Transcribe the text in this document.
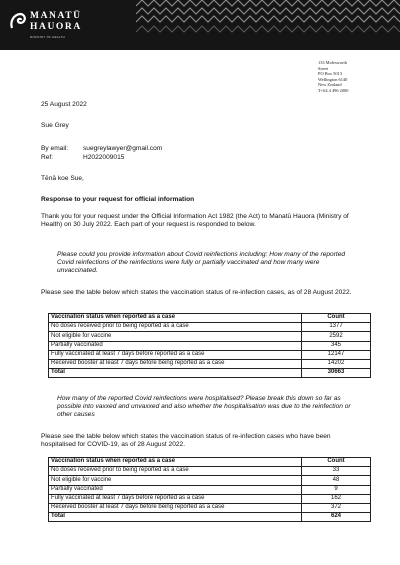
MANATŪ
HAUORA
MINISTRY OF HEALTH
133 Molesworth
Street
PO Box 5013
Wellington 6140
New Zealand
T+64 4 496 2000
25 August 2022
Sue Grey
By email: suegreylawyer@gmail.com
Ref:	H2022009015
Tēnā koe Sue,
Response to your request for official information
Thank you for your request under the Official Information Act 1982 (the Act) to Manatū Hauora (Ministry of Health) on 30 July 2022. Each part of your request is responded to below.
Please could you provide information about Covid reinfections including: How many of the reported Covid reinfections of the reinfections were fully or partially vaccinated and how many were unvaccinated.
Please see the table below which states the vaccination status of re-infection cases, as of 28 August 2022.
Vaccination status when reported as a case	Count
No doses received prior to being reported as a case	1377
Not eligible for vaccine	2592
Partially vaccinated	345
Fully vaccinated at least 7 days before reported as a case	12147
Received booster at least 7 days before being reported as a case	14202
Total	30663
How many of the reported Covid reinfections were hospitalised? Please break this down so far as possible into vaxxed and unvaxxed and also whether the hospitalisation was due to the reinfection or other causes
Please see the table below which states the vaccination status of re-infection cases who have been hospitalised for COVID-19, as of 28 August 2022.
Vaccination status when reported as a case	Count
No doses received prior to being reported as a case	33
Not eligible for vaccine	48
Partially vaccinated	9
Fully vaccinated at least 7 days before reported as a case	162
Received booster at least 7 days before being reported as a case	372
Total	624
